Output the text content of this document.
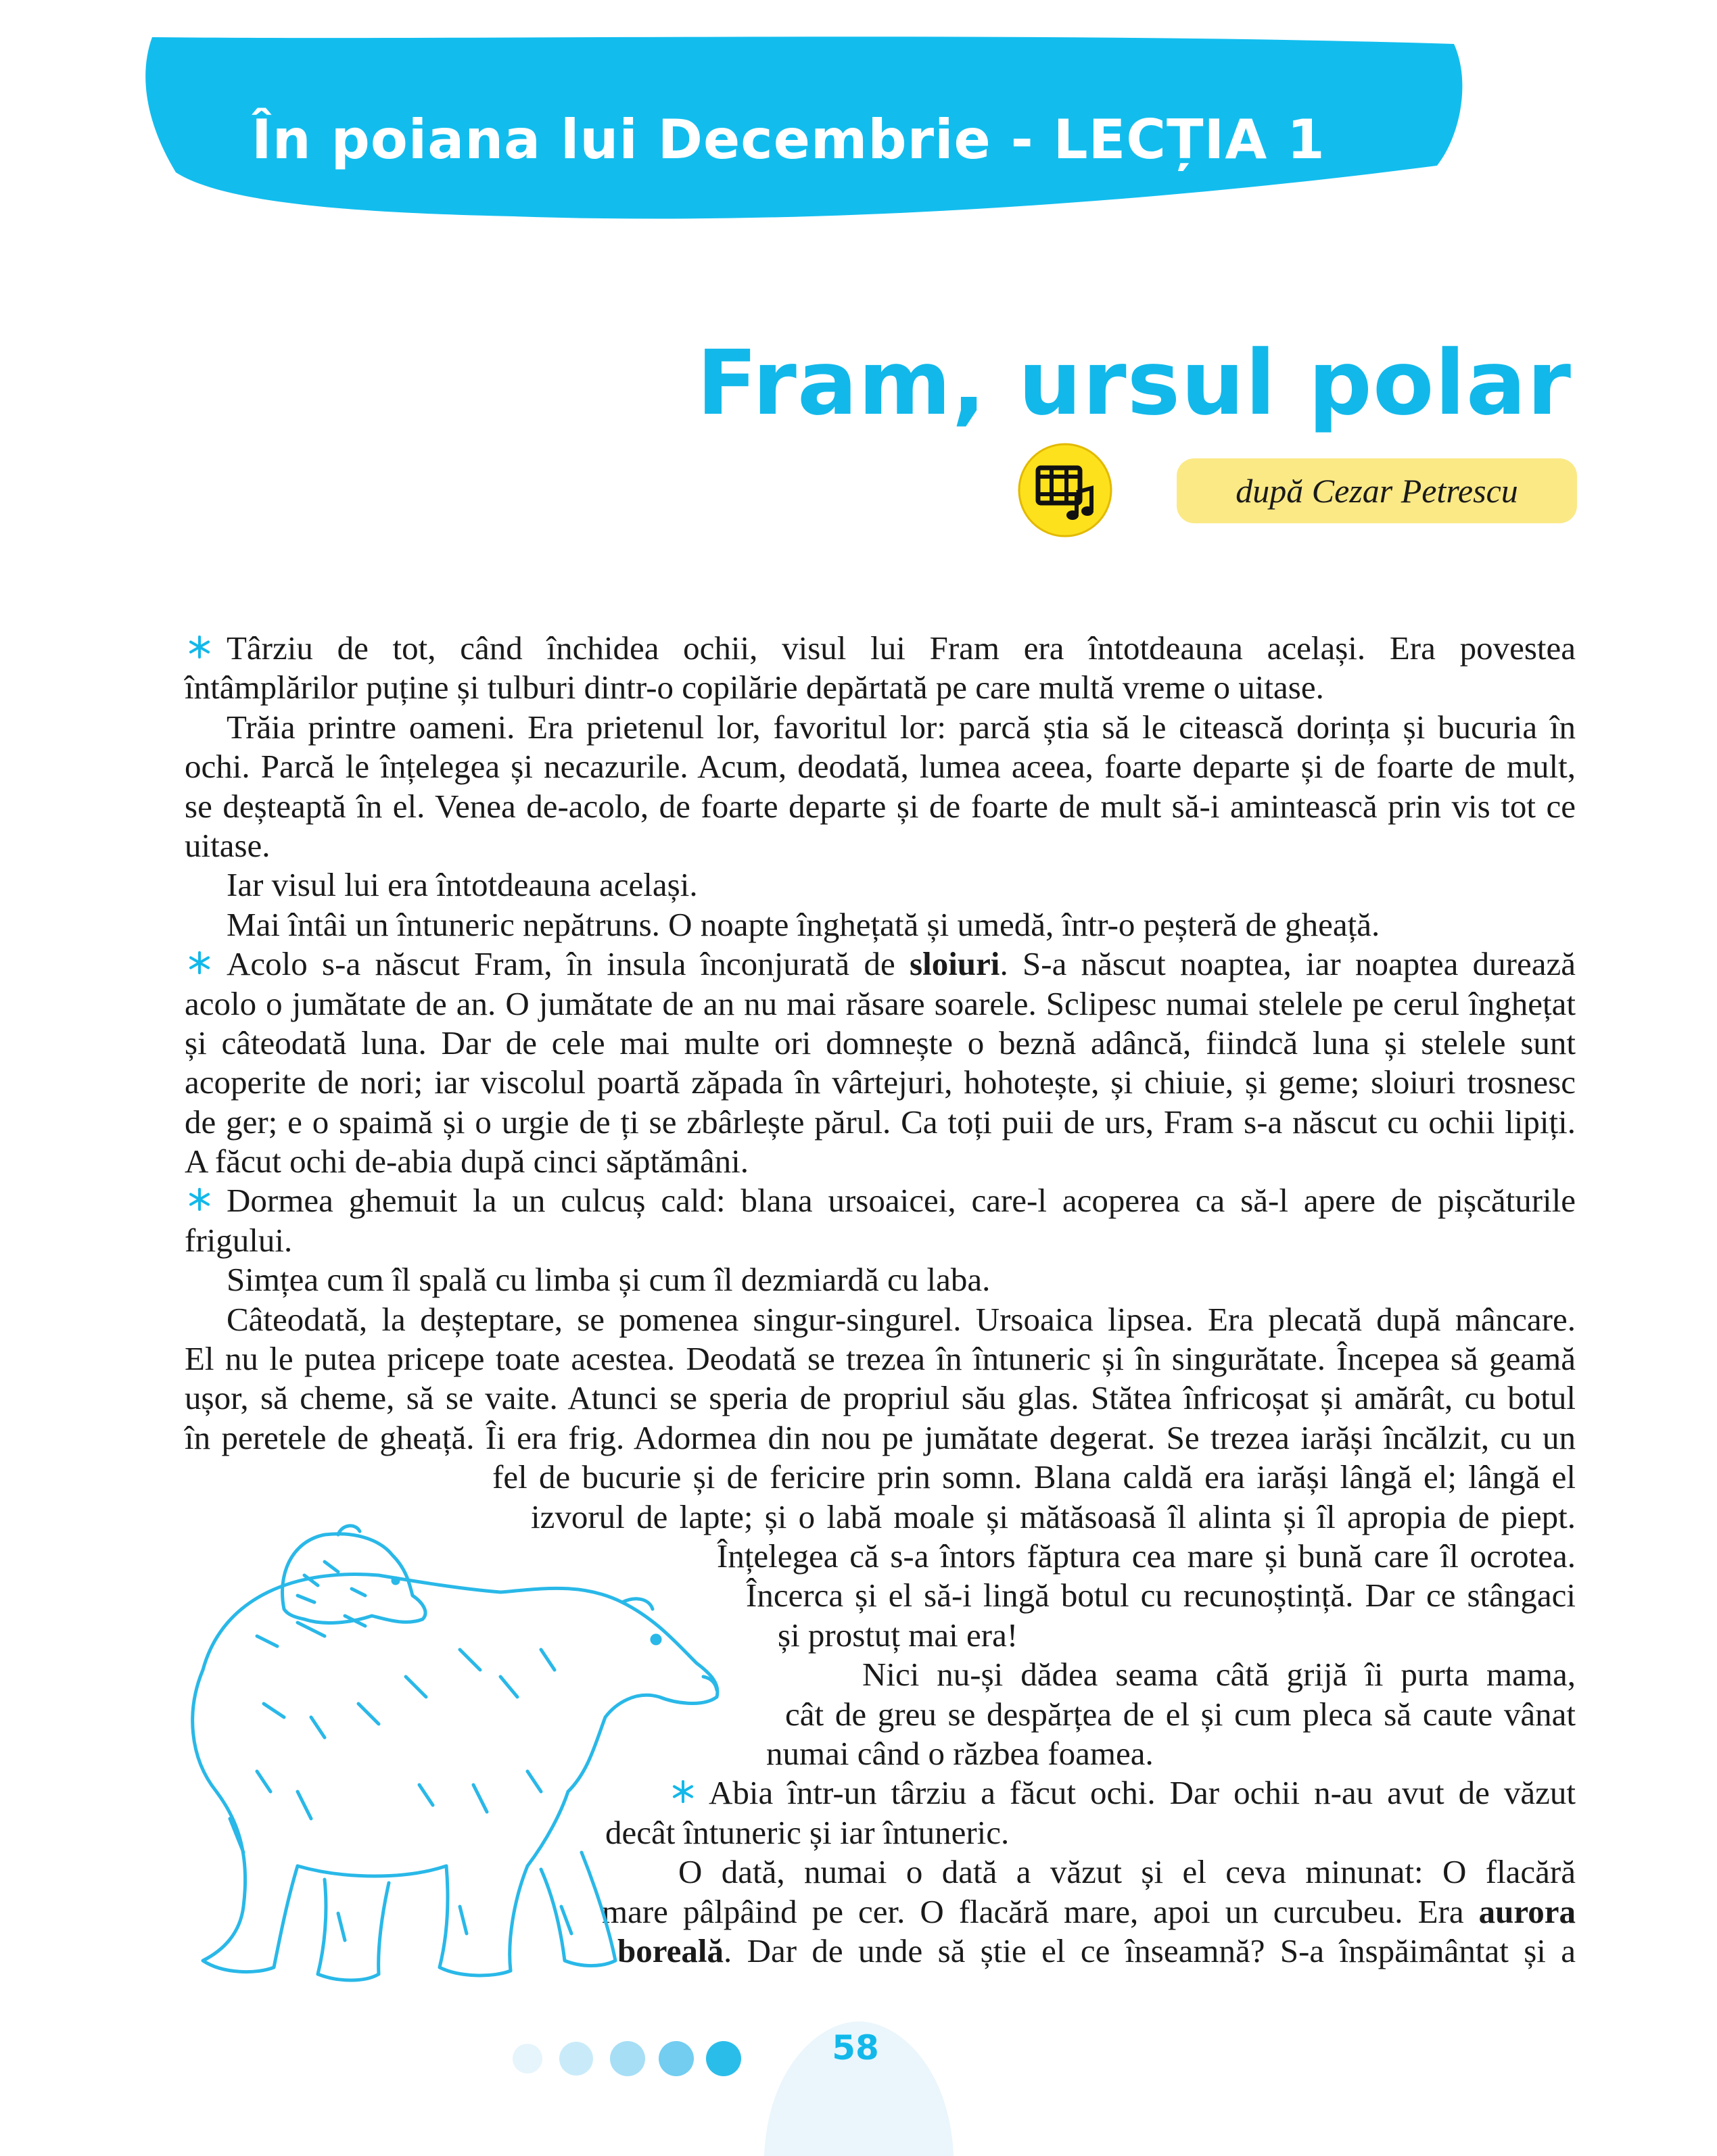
În poiana lui Decembrie - LECȚIA 1
Fram, ursul polar
după Cezar Petrescu
Târziu de tot, când închidea ochii, visul lui Fram era întotdeauna același. Era povestea
întâmplărilor puține și tulburi dintr-o copilărie depărtată pe care multă vreme o uitase.
Trăia printre oameni. Era prietenul lor, favoritul lor: parcă știa să le citească dorința și bucuria în
ochi. Parcă le înțelegea și necazurile. Acum, deodată, lumea aceea, foarte departe și de foarte de mult,
se deșteaptă în el. Venea de-acolo, de foarte departe și de foarte de mult să-i amintească prin vis tot ce
uitase.
Iar visul lui era întotdeauna același.
Mai întâi un întuneric nepătruns. O noapte înghețată și umedă, într-o peșteră de gheață.
Acolo s-a născut Fram, în insula înconjurată de sloiuri. S-a născut noaptea, iar noaptea durează
acolo o jumătate de an. O jumătate de an nu mai răsare soarele. Sclipesc numai stelele pe cerul înghețat
și câteodată luna. Dar de cele mai multe ori domnește o beznă adâncă, fiindcă luna și stelele sunt
acoperite de nori; iar viscolul poartă zăpada în vârtejuri, hohotește, și chiuie, și geme; sloiuri trosnesc
de ger; e o spaimă și o urgie de ți se zbârlește părul. Ca toți puii de urs, Fram s-a născut cu ochii lipiți.
A făcut ochi de-abia după cinci săptămâni.
Dormea ghemuit la un culcuș cald: blana ursoaicei, care-l acoperea ca să-l apere de pișcăturile
frigului.
Simțea cum îl spală cu limba și cum îl dezmiardă cu laba.
Câteodată, la deșteptare, se pomenea singur-singurel. Ursoaica lipsea. Era plecată după mâncare.
El nu le putea pricepe toate acestea. Deodată se trezea în întuneric și în singurătate. Începea să geamă
ușor, să cheme, să se vaite. Atunci se speria de propriul său glas. Stătea înfricoșat și amărât, cu botul
în peretele de gheață. Îi era frig. Adormea din nou pe jumătate degerat. Se trezea iarăși încălzit, cu un
fel de bucurie și de fericire prin somn. Blana caldă era iarăși lângă el; lângă el
izvorul de lapte; și o labă moale și mătăsoasă îl alinta și îl apropia de piept.
Înțelegea că s-a întors făptura cea mare și bună care îl ocrotea.
Încerca și el să-i lingă botul cu recunoștință. Dar ce stângaci
și prostuț mai era!
Nici nu-și dădea seama câtă grijă îi purta mama,
cât de greu se despărțea de el și cum pleca să caute vânat
numai când o răzbea foamea.
Abia într-un târziu a făcut ochi. Dar ochii n-au avut de văzut
decât întuneric și iar întuneric.
O dată, numai o dată a văzut și el ceva minunat: O flacără
mare pâlpâind pe cer. O flacără mare, apoi un curcubeu. Era aurora
boreală. Dar de unde să știe el ce înseamnă? S-a înspăimântat și a
58
